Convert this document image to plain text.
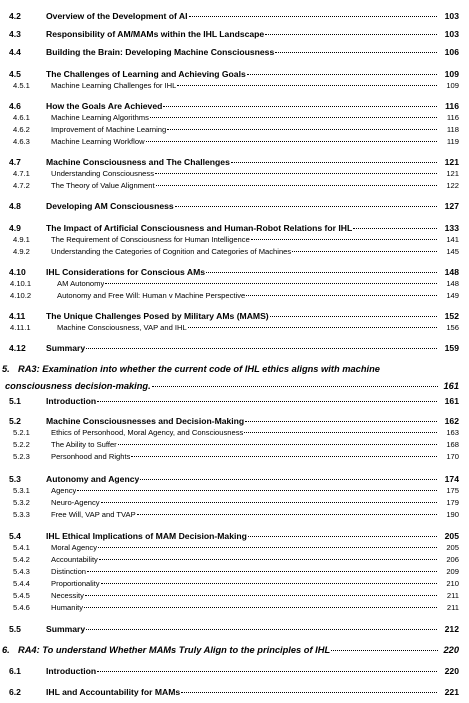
4.2	Overview of the Development of AI	103
4.3	Responsibility of AM/MAMs within the IHL Landscape	103
4.4	Building the Brain: Developing Machine Consciousness	106
4.5	The Challenges of Learning and Achieving Goals	109
4.5.1	Machine Learning Challenges for IHL	109
4.6	How the Goals Are Achieved	116
4.6.1	Machine Learning Algorithms	116
4.6.2	Improvement of Machine Learning	118
4.6.3	Machine Learning Workflow	119
4.7	Machine Consciousness and The Challenges	121
4.7.1	Understanding Consciousness	121
4.7.2	The Theory of Value Alignment	122
4.8	Developing AM Consciousness	127
4.9	The Impact of Artificial Consciousness and Human-Robot Relations for IHL	133
4.9.1	The Requirement of Consciousness for Human Intelligence	141
4.9.2	Understanding the Categories of Cognition and Categories of Machines	145
4.10	IHL Considerations for Conscious AMs	148
4.10.1	AM Autonomy	148
4.10.2	Autonomy and Free Will: Human v Machine Perspective	149
4.11	The Unique Challenges Posed by Military AMs (MAMS)	152
4.11.1	Machine Consciousness, VAP and IHL	156
4.12	Summary	159
5. RA3: Examination into whether the current code of IHL ethics aligns with machine
consciousness decision-making.	161
5.1	Introduction	161
5.2	Machine Consciousnesses and Decision-Making	162
5.2.1	Ethics of Personhood, Moral Agency, and Consciousness	163
5.2.2	The Ability to Suffer	168
5.2.3	Personhood and Rights	170
5.3	Autonomy and Agency	174
5.3.1	Agency	175
5.3.2	Neuro-Agency	179
5.3.3	Free Will, VAP and TVAP	190
5.4	IHL Ethical Implications of MAM Decision-Making	205
5.4.1	Moral Agency	205
5.4.2	Accountability	206
5.4.3	Distinction	209
5.4.4	Proportionality	210
5.4.5	Necessity	211
5.4.6	Humanity	211
5.5	Summary	212
6. RA4: To understand Whether MAMs Truly Align to the principles of IHL	220
6.1	Introduction	220
6.2	IHL and Accountability for MAMs	221
